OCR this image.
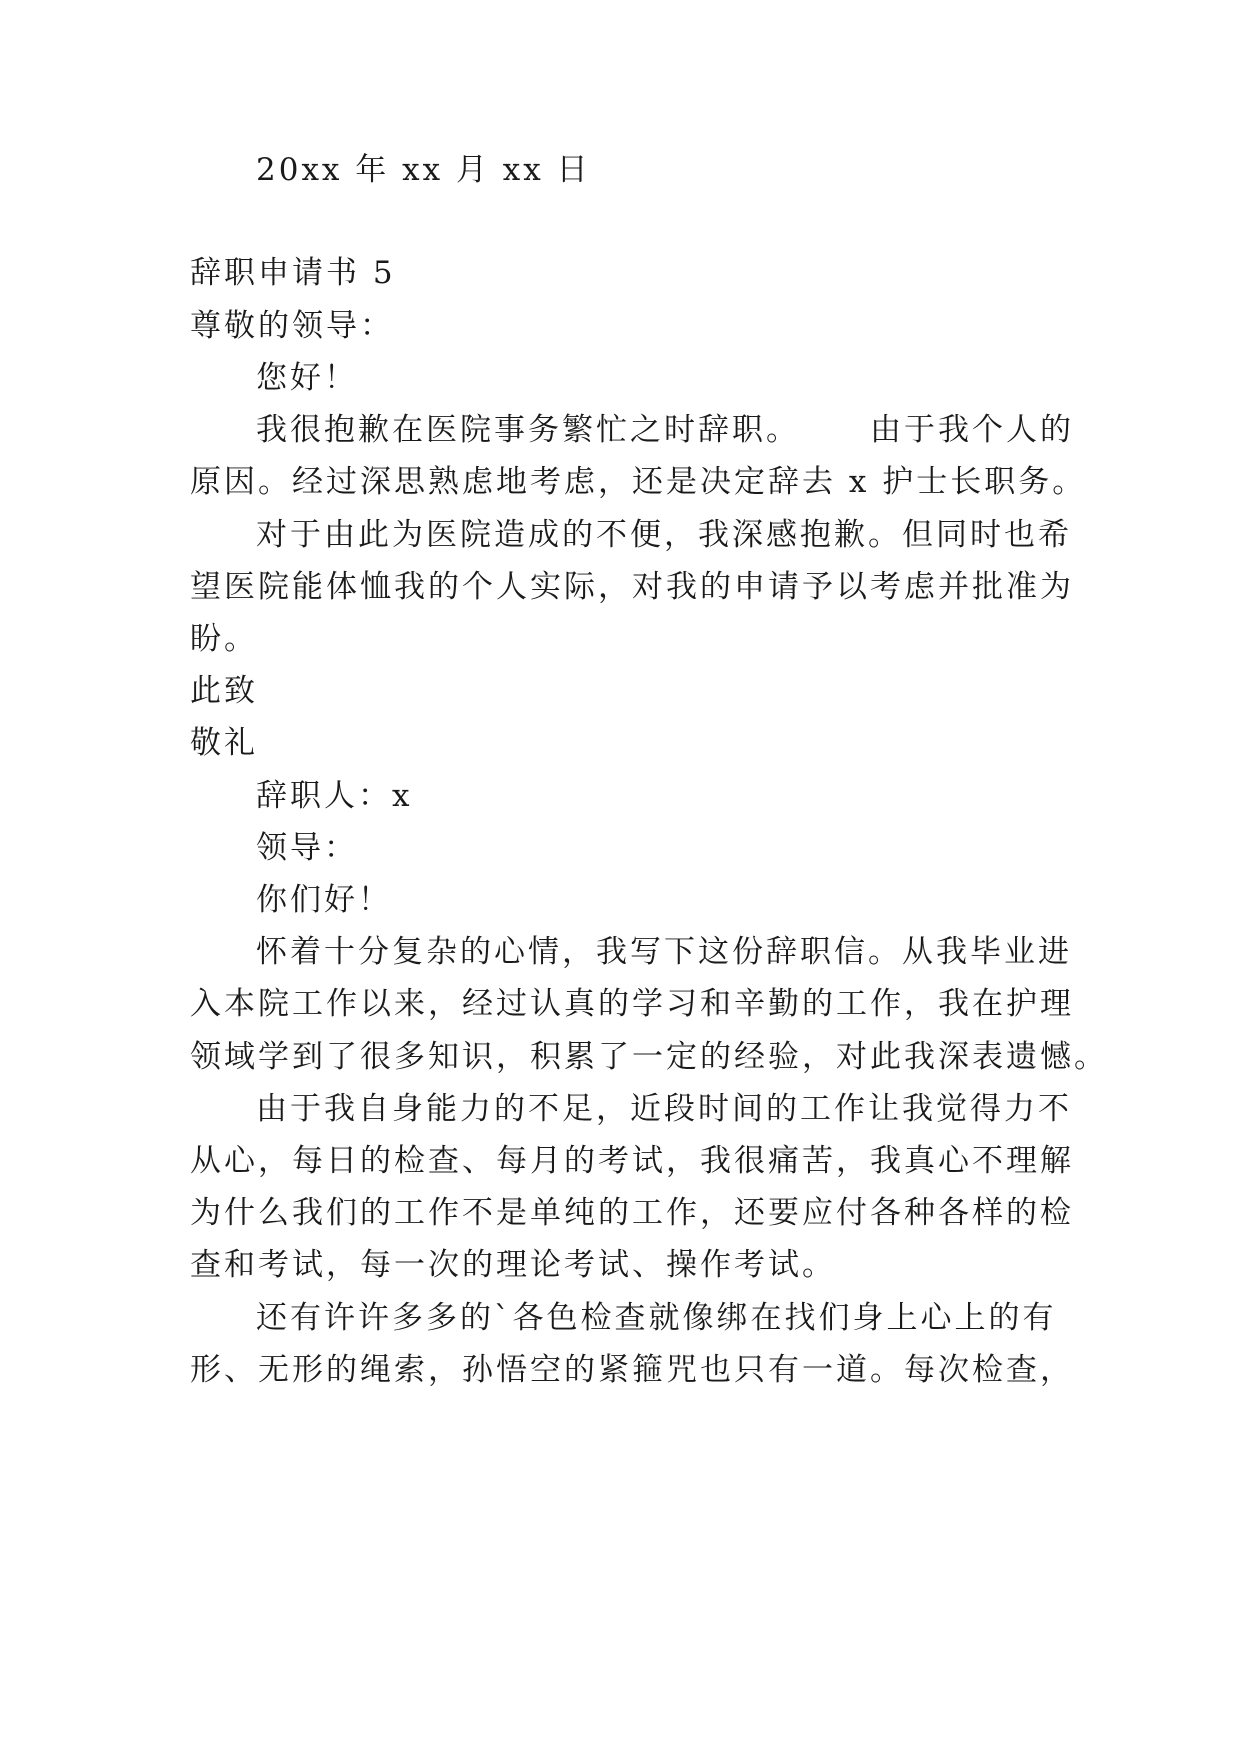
20xx 年 xx 月 xx 日
辞职申请书 5
尊敬的领导：
您好！
我很抱歉在医院事务繁忙之时辞职。 由于我个人的
原因。经过深思熟虑地考虑，还是决定辞去 x 护士长职务。
对于由此为医院造成的不便，我深感抱歉。但同时也希
望医院能体恤我的个人实际，对我的申请予以考虑并批准为
盼。
此致
敬礼
辞职人：x
领导：
你们好！
怀着十分复杂的心情，我写下这份辞职信。从我毕业进
入本院工作以来，经过认真的学习和辛勤的工作，我在护理
领域学到了很多知识，积累了一定的经验，对此我深表遗憾。
由于我自身能力的不足，近段时间的工作让我觉得力不
从心，每日的检查、每月的考试，我很痛苦，我真心不理解
为什么我们的工作不是单纯的工作，还要应付各种各样的检
查和考试，每一次的理论考试、操作考试。
还有许许多多的`各色检查就像绑在找们身上心上的有
形、无形的绳索，孙悟空的紧箍咒也只有一道。每次检查，
